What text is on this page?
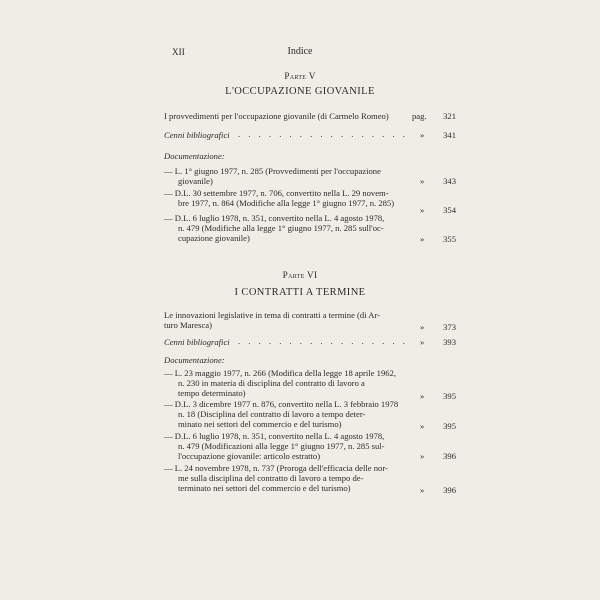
XII	Indice
Parte V
L'OCCUPAZIONE GIOVANILE
I provvedimenti per l'occupazione giovanile (di Carmelo Romeo)	pag.	321
Cenni bibliografici . . . . . . . . . . . . . . . . . »	341
Documentazione:
— L. 1° giugno 1977, n. 285 (Provvedimenti per l'occupazione
giovanile)	»	343
— D.L. 30 settembre 1977, n. 706, convertito nella L. 29 novem-
bre 1977, n. 864 (Modifiche alla legge 1° giugno 1977, n. 285)
»	354
— D.L. 6 luglio 1978, n. 351, convertito nella L. 4 agosto 1978,
n. 479 (Modifiche alla legge 1° giugno 1977, n. 285 sull'oc-
cupazione giovanile)	»	355
Parte VI
I CONTRATTI A TERMINE
Le innovazioni legislative in tema di contratti a termine (di Ar-
turo Maresca)	»	373
Cenni bibliografici . . . . . . . . . . . . . . . . . »	393
Documentazione:
— L. 23 maggio 1977, n. 266 (Modifica della legge 18 aprile 1962,
n. 230 in materia di disciplina del contratto di lavoro a
tempo determinato)	»	395
— D.L. 3 dicembre 1977 n. 876, convertito nella L. 3 febbraio 1978
n. 18 (Disciplina del contratto di lavoro a tempo deter-
minato nei settori del commercio e del turismo)	»	395
— D.L. 6 luglio 1978, n. 351, convertito nella L. 4 agosto 1978,
n. 479 (Modificazioni alla legge 1° giugno 1977, n. 285 sul-
l'occupazione giovanile: articolo estratto)	»	396
— L. 24 novembre 1978, n. 737 (Proroga dell'efficacia delle nor-
me sulla disciplina del contratto di lavoro a tempo de-
terminato nei settori del commercio e del turismo)	»	396
